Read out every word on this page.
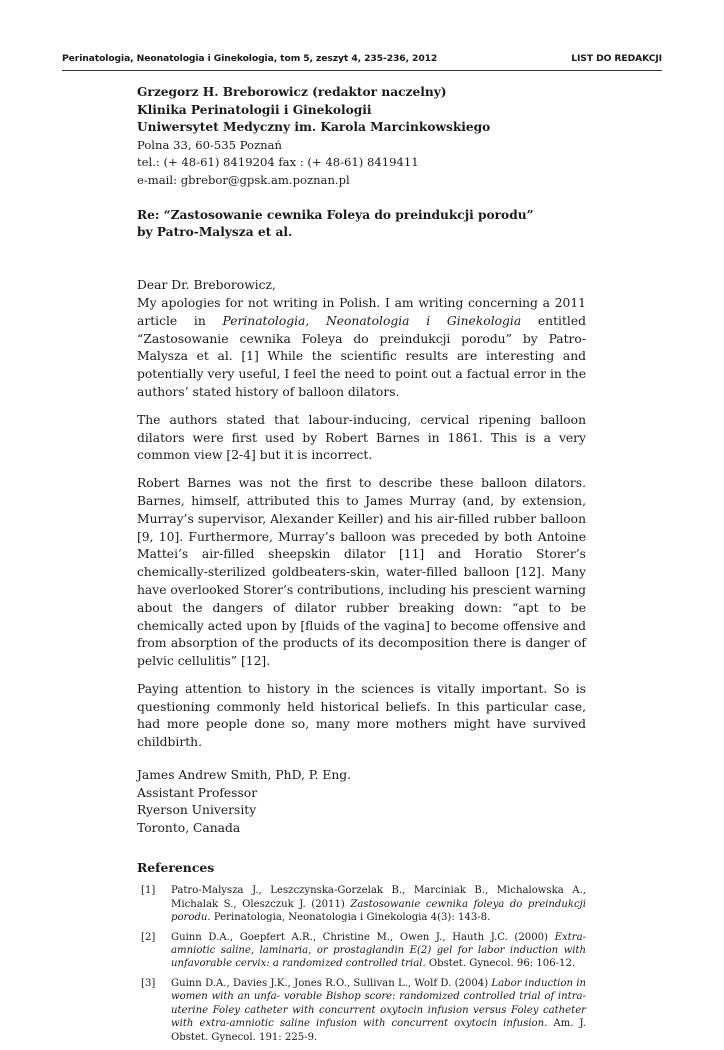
Perinatologia, Neonatologia i Ginekologia, tom 5, zeszyt 4, 235-236, 2012	LIST DO REDAKCJI
Grzegorz H. Breborowicz (redaktor naczelny)
Klinika Perinatologii i Ginekologii
Uniwersytet Medyczny im. Karola Marcinkowskiego
Polna 33, 60-535 Poznań
tel.: (+ 48-61) 8419204 fax : (+ 48-61) 8419411
e-mail: gbrebor@gpsk.am.poznan.pl
Re: “Zastosowanie cewnika Foleya do preindukcji porodu”
by Patro-Malysza et al.
Dear Dr. Breborowicz,

My apologies for not writing in Polish. I am writing concerning a 2011 article in Perinatologia, Neonatologia i Ginekologia entitled “Zastosowanie cewnika Foleya do preindukcji porodu” by Patro-Malysza et al. [1] While the scientific results are interesting and potentially very useful, I feel the need to point out a factual error in the authors’ stated history of balloon dilators.

The authors stated that labour-inducing, cervical ripening balloon dilators were first used by Robert Barnes in 1861. This is a very common view [2-4] but it is incorrect.

Robert Barnes was not the first to describe these balloon dilators. Barnes, himself, attributed this to James Murray (and, by extension, Murray’s supervisor, Alexander Keiller) and his air-filled rubber balloon [9, 10]. Furthermore, Murray’s balloon was preceded by both Antoine Mattei’s air-filled sheepskin dilator [11] and Horatio Storer’s chemically-sterilized goldbeaters-skin, water-filled balloon [12]. Many have overlooked Storer’s contributions, including his prescient warning about the dangers of dilator rubber breaking down: “apt to be chemically acted upon by [fluids of the vagina] to become offensive and from absorption of the products of its decomposition there is danger of pelvic cellulitis” [12].

Paying attention to history in the sciences is vitally important. So is questioning commonly held historical beliefs. In this particular case, had more people done so, many more mothers might have survived childbirth.

James Andrew Smith, PhD, P. Eng.
Assistant Professor
Ryerson University
Toronto, Canada
References
[1]	Patro-Malysza J., Leszczynska-Gorzelak B., Marciniak B., Michalowska A., Michalak S., Oleszczuk J. (2011) Zastosowanie cewnika foleya do preindukcji porodu. Perinatologia, Neonatologia i Ginekologia 4(3): 143-8.
[2]	Guinn D.A., Goepfert A.R., Christine M., Owen J., Hauth J.C. (2000) Extra-amniotic saline, laminaria, or prostaglandin E(2) gel for labor induction with unfavorable cervix: a randomized controlled trial. Obstet. Gynecol. 96: 106-12.
[3]	Guinn D.A., Davies J.K., Jones R.O., Sullivan L., Wolf D. (2004) Labor induction in women with an unfa- vorable Bishop score: randomized controlled trial of intrauterine Foley catheter with concurrent oxytocin infusion versus Foley catheter with extra-amniotic saline infusion with concurrent oxytocin infusion. Am. J. Obstet. Gynecol. 191: 225-9.
